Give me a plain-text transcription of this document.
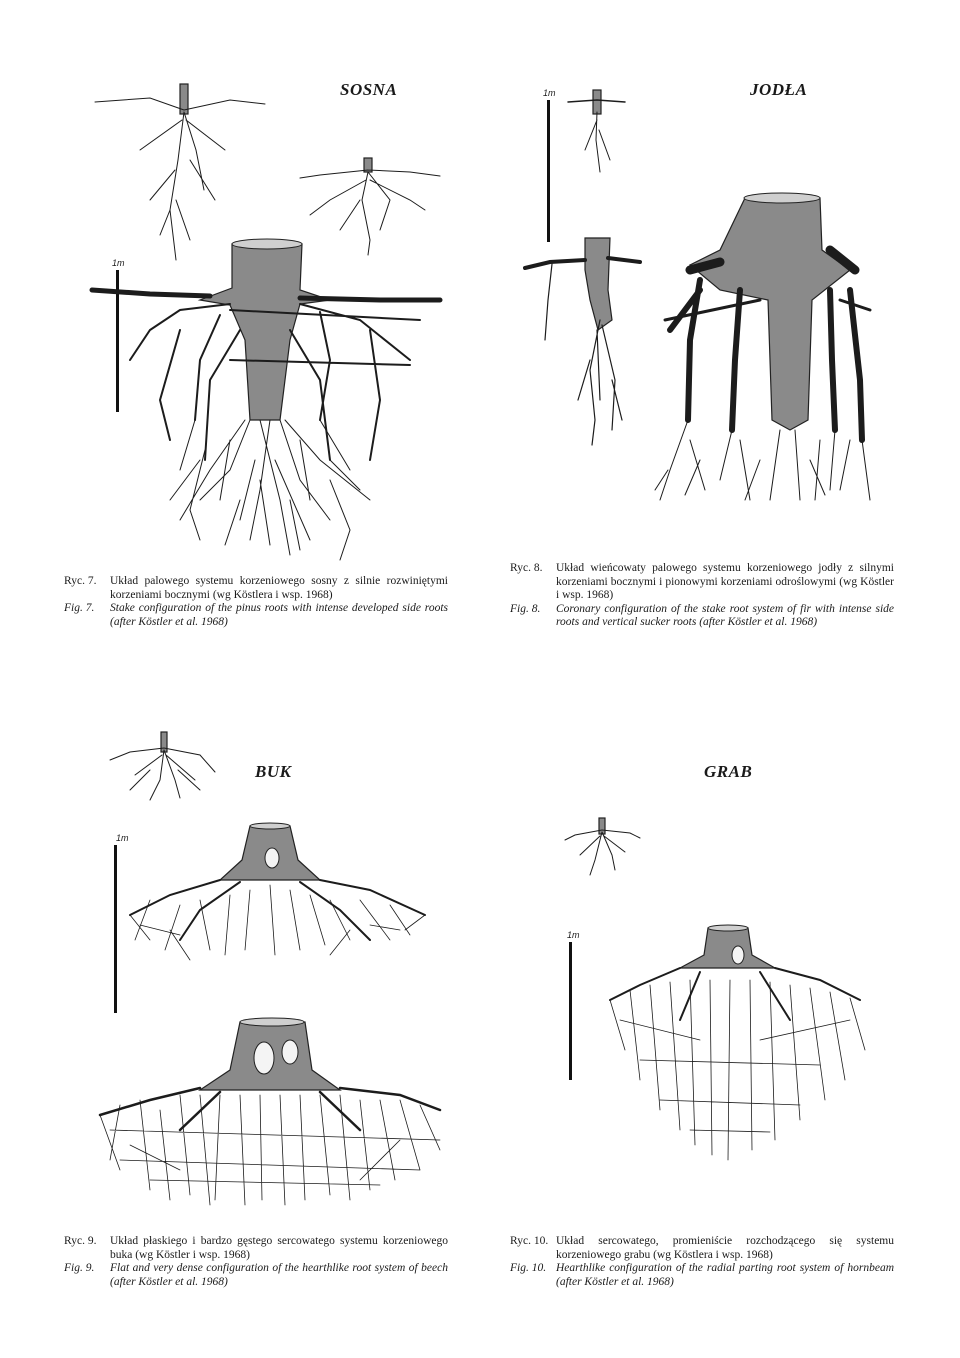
SOSNA
1m
Ryc. 7.	Układ palowego systemu korzeniowego sosny z silnie rozwiniętymi korzeniami bocznymi (wg Köstlera i wsp. 1968)
Fig. 7.	Stake configuration of the pinus roots with intense developed side roots (after Köstler et al. 1968)
JODŁA
1m
Ryc. 8.	Układ wieńcowaty palowego systemu korzeniowego jodły z silnymi korzeniami bocznymi i pionowymi korzeniami odroślowymi (wg Köstler i wsp. 1968)
Fig. 8.	Coronary configuration of the stake root system of fir with intense side roots and vertical sucker roots (after Köstler et al. 1968)
BUK
1m
Ryc. 9.	Układ płaskiego i bardzo gęstego sercowatego systemu korzeniowego buka (wg Köstler i wsp. 1968)
Fig. 9.	Flat and very dense configuration of the hearthlike root system of beech (after Köstler et al. 1968)
GRAB
1m
Ryc. 10. Układ sercowatego, promieniście rozchodzącego się systemu korzeniowego grabu (wg Köstlera i wsp. 1968)
Fig. 10. Hearthlike configuration of the radial parting root system of hornbeam (after Köstler et al. 1968)
